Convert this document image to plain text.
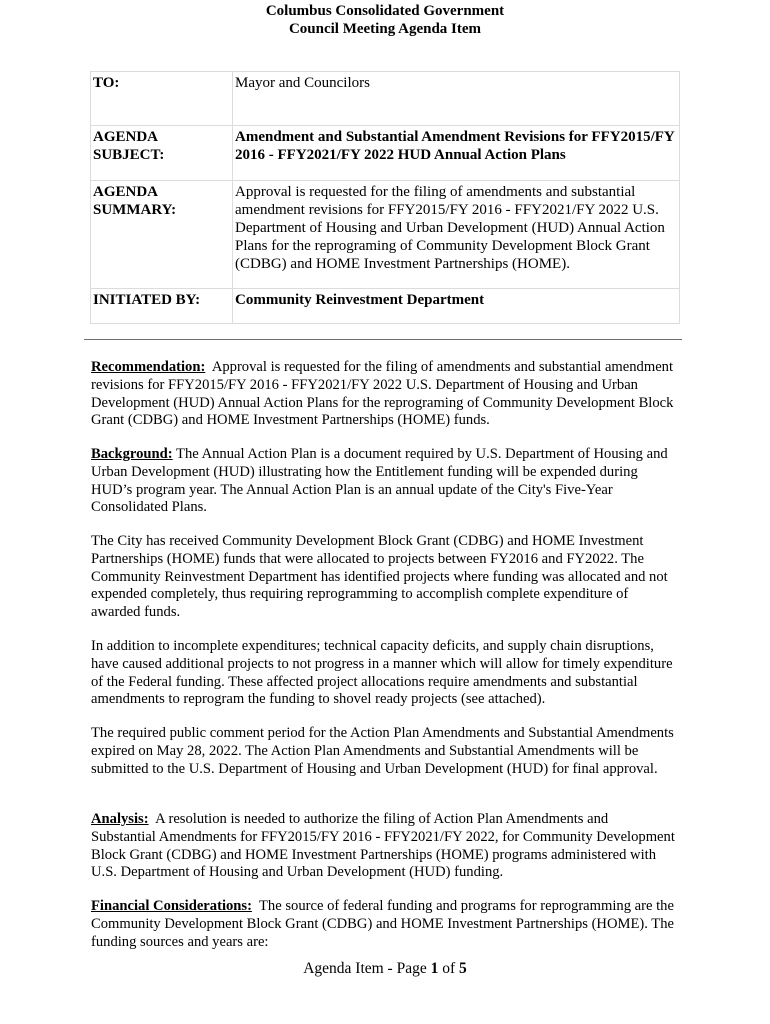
Columbus Consolidated Government
Council Meeting Agenda Item
TO:	Mayor and Councilors

AGENDA
SUBJECT:	Amendment and Substantial Amendment Revisions for FFY2015/FY 2016 - FFY2021/FY 2022 HUD Annual Action Plans

AGENDA
SUMMARY:	Approval is requested for the filing of amendments and substantial amendment revisions for FFY2015/FY 2016 - FFY2021/FY 2022 U.S. Department of Housing and Urban Development (HUD) Annual Action Plans for the reprograming of Community Development Block Grant (CDBG) and HOME Investment Partnerships (HOME).
INITIATED BY:	Community Reinvestment Department

Recommendation: Approval is requested for the filing of amendments and substantial amendment revisions for FFY2015/FY 2016 - FFY2021/FY 2022 U.S. Department of Housing and Urban Development (HUD) Annual Action Plans for the reprograming of Community Development Block Grant (CDBG) and HOME Investment Partnerships (HOME) funds.

Background: The Annual Action Plan is a document required by U.S. Department of Housing and Urban Development (HUD) illustrating how the Entitlement funding will be expended during HUD’s program year. The Annual Action Plan is an annual update of the City's Five-Year Consolidated Plans.

The City has received Community Development Block Grant (CDBG) and HOME Investment Partnerships (HOME) funds that were allocated to projects between FY2016 and FY2022. The Community Reinvestment Department has identified projects where funding was allocated and not expended completely, thus requiring reprogramming to accomplish complete expenditure of awarded funds.

In addition to incomplete expenditures; technical capacity deficits, and supply chain disruptions, have caused additional projects to not progress in a manner which will allow for timely expenditure of the Federal funding. These affected project allocations require amendments and substantial amendments to reprogram the funding to shovel ready projects (see attached).

The required public comment period for the Action Plan Amendments and Substantial Amendments expired on May 28, 2022. The Action Plan Amendments and Substantial Amendments will be submitted to the U.S. Department of Housing and Urban Development (HUD) for final approval.

Analysis: A resolution is needed to authorize the filing of Action Plan Amendments and Substantial Amendments for FFY2015/FY 2016 - FFY2021/FY 2022, for Community Development Block Grant (CDBG) and HOME Investment Partnerships (HOME) programs administered with U.S. Department of Housing and Urban Development (HUD) funding.

Financial Considerations: The source of federal funding and programs for reprogramming are the Community Development Block Grant (CDBG) and HOME Investment Partnerships (HOME). The funding sources and years are:

Agenda Item - Page 1 of 5
